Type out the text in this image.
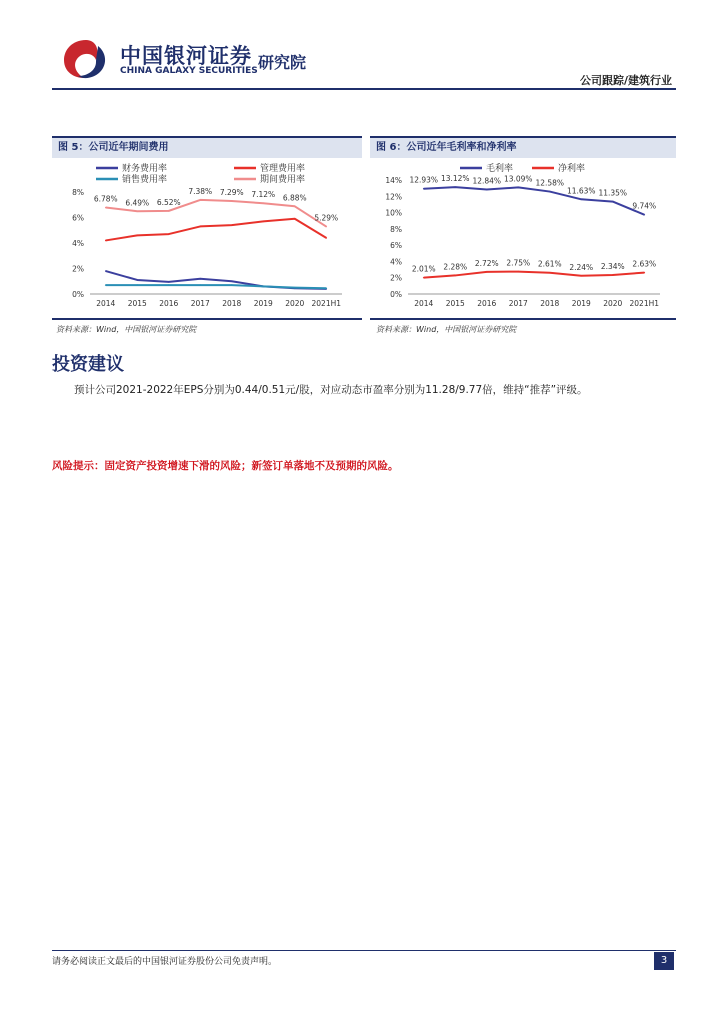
中国银河证券
CHINA GALAXY SECURITIES 研究院
公司跟踪/建筑行业
图 5：公司近年期间费用
0%
2%
4%
6%
8%
2014 2015 2016 2017 2018 2019 2020 2021H1
6.78% 6.49% 6.52%
7.38% 7.29% 7.12% 6.88%
5.29%
财务费用率	管理费用率
销售费用率	期间费用率
资料来源：Wind，中国银河证券研究院
图 6：公司近年毛利率和净利率
0%
2%
4%
6%
8%
10%
12%
14%
2014 2015 2016 2017 2018 2019 2020 2021H1
12.93% 13.12% 12.84% 13.09% 12.58%
11.63% 11.35%
9.74%
2.01% 2.28% 2.72% 2.75% 2.61% 2.24% 2.34% 2.63%
毛利率	净利率
资料来源：Wind，中国银河证券研究院
投资建议
预计公司2021-2022年EPS分别为0.44/0.51元/股，对应动态市盈率分别为11.28/9.77倍，维持“推荐”评级。
风险提示：固定资产投资增速下滑的风险；新签订单落地不及预期的风险。
请务必阅读正文最后的中国银河证券股份公司免责声明。	3
